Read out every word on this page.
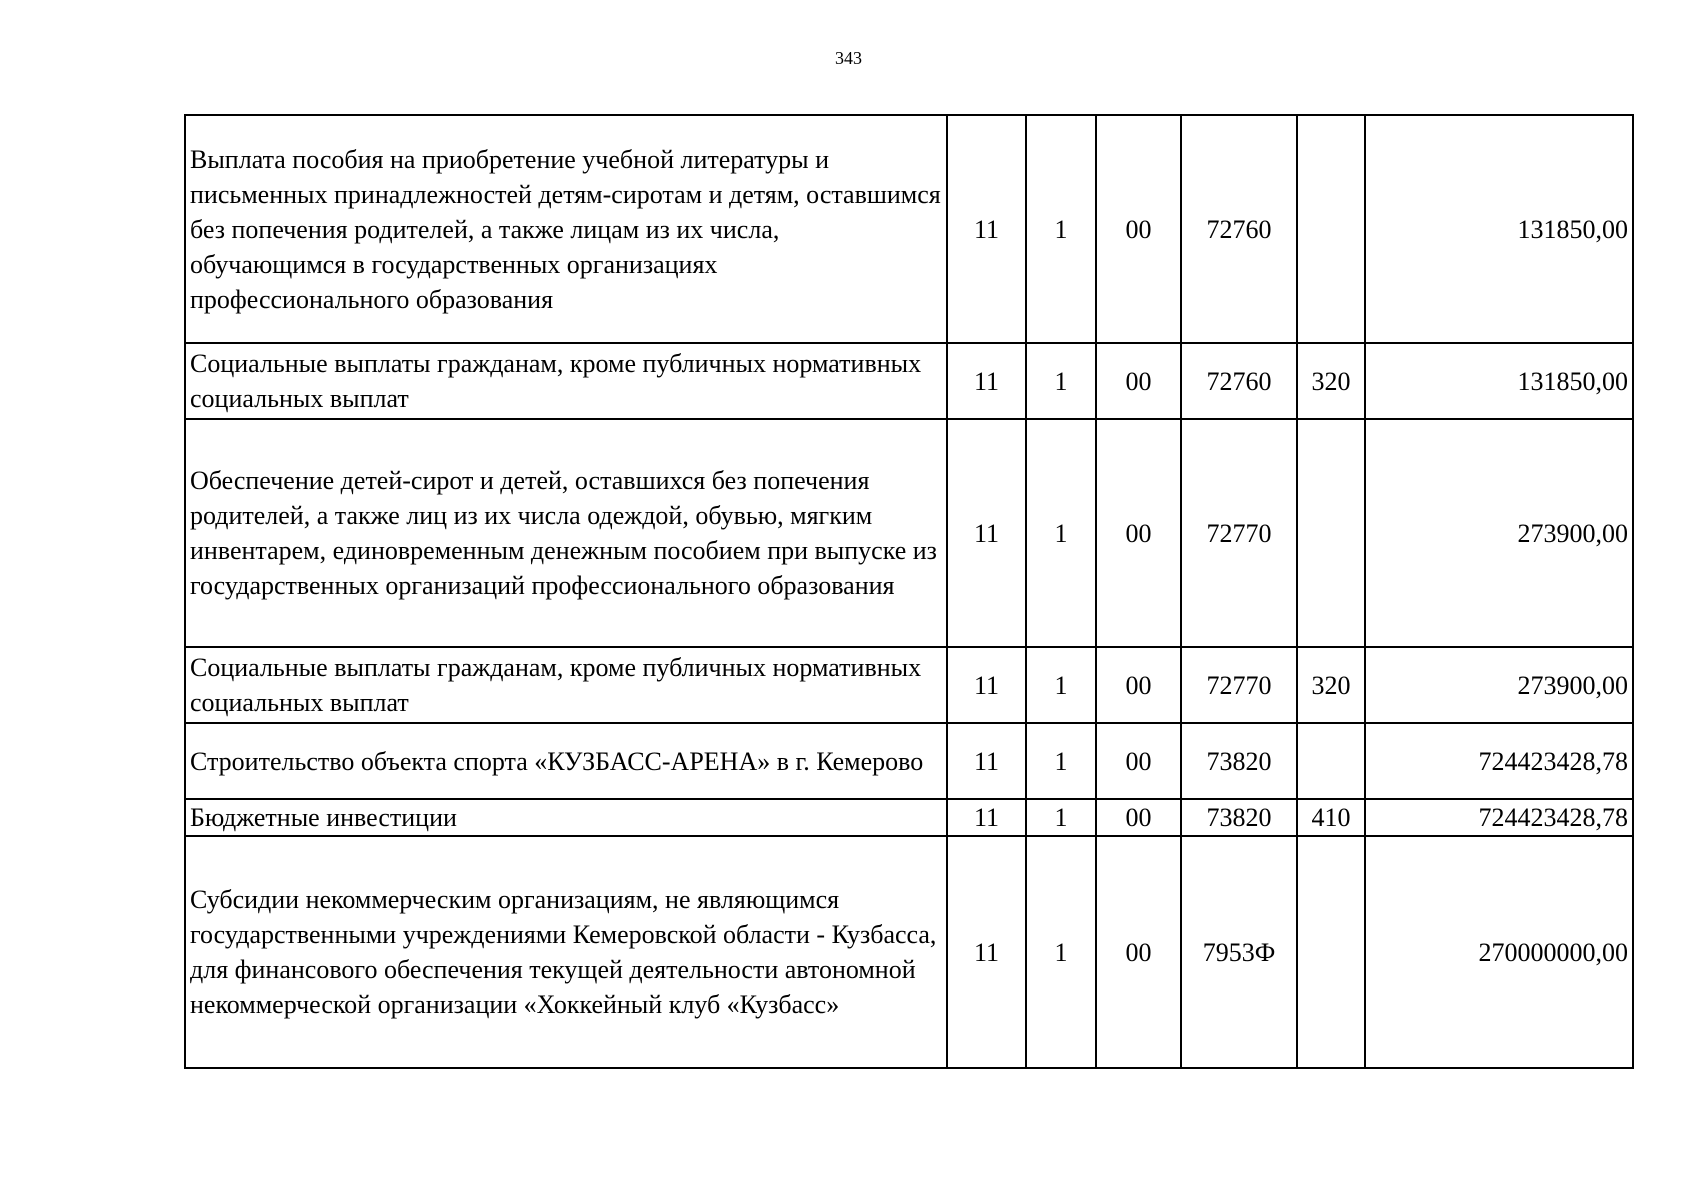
343
Выплата пособия на приобретение учебной литературы и письменных принадлежностей детям-сиротам и детям, оставшимся без попечения родителей, а также лицам из их числа, обучающимся в государственных организациях профессионального образования	11	1	00	72760		131850,00
Социальные выплаты гражданам, кроме публичных нормативных социальных выплат	11	1	00	72760	320	131850,00
Обеспечение детей-сирот и детей, оставшихся без попечения родителей, а также лиц из их числа одеждой, обувью, мягким инвентарем, единовременным денежным пособием при выпуске из государственных организаций профессионального образования	11	1	00	72770		273900,00
Социальные выплаты гражданам, кроме публичных нормативных социальных выплат	11	1	00	72770	320	273900,00
Строительство объекта спорта «КУЗБАСС-АРЕНА» в г. Кемерово	11	1	00	73820		724423428,78
Бюджетные инвестиции	11	1	00	73820	410	724423428,78
Субсидии некоммерческим организациям, не являющимся государственными учреждениями Кемеровской области - Кузбасса, для финансового обеспечения текущей деятельности автономной некоммерческой организации «Хоккейный клуб «Кузбасс»	11	1	00	7953Ф		270000000,00
